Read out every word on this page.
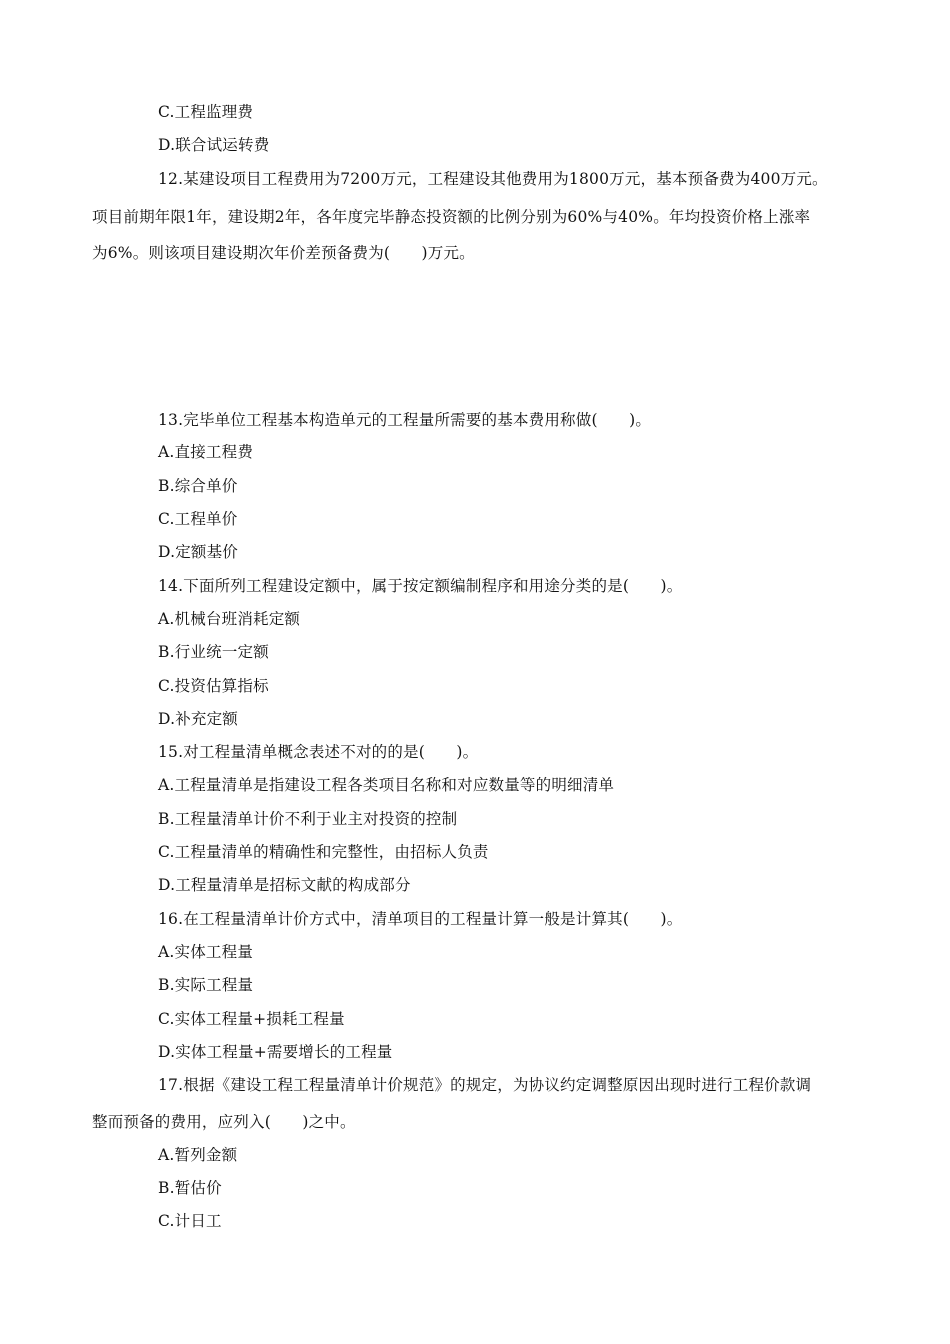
C.工程监理费
D.联合试运转费
12.某建设项目工程费用为7200万元，工程建设其他费用为1800万元，基本预备费为400万元。
项目前期年限1年，建设期2年，各年度完毕静态投资额的比例分别为60%与40%。年均投资价格上涨率
为6%。则该项目建设期次年价差预备费为(　　)万元。
13.完毕单位工程基本构造单元的工程量所需要的基本费用称做(　　)。
A.直接工程费
B.综合单价
C.工程单价
D.定额基价
14.下面所列工程建设定额中，属于按定额编制程序和用途分类的是(　　)。
A.机械台班消耗定额
B.行业统一定额
C.投资估算指标
D.补充定额
15.对工程量清单概念表述不对的的是(　　)。
A.工程量清单是指建设工程各类项目名称和对应数量等的明细清单
B.工程量清单计价不利于业主对投资的控制
C.工程量清单的精确性和完整性，由招标人负责
D.工程量清单是招标文献的构成部分
16.在工程量清单计价方式中，清单项目的工程量计算一般是计算其(　　)。
A.实体工程量
B.实际工程量
C.实体工程量+损耗工程量
D.实体工程量+需要增长的工程量
17.根据《建设工程工程量清单计价规范》的规定，为协议约定调整原因出现时进行工程价款调
整而预备的费用，应列入(　　)之中。
A.暂列金额
B.暂估价
C.计日工
